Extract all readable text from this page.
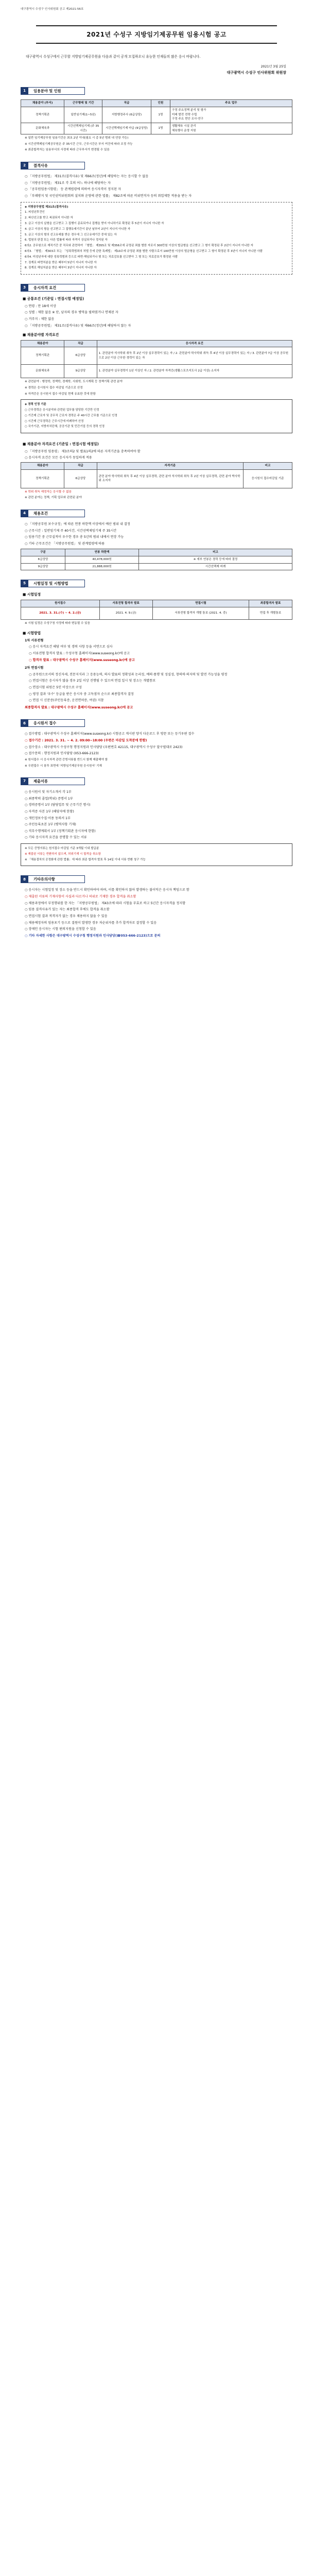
대구광역시 수성구 인사위원회 공고 제2021-56호
2021년 수성구 지방임기제공무원 임용시험 공고
대구광역시 수성구에서 근무할 지방임기제공무원을 다음과 같이 공개 모집하오니 유능한 인재들의 많은 응시 바랍니다.
2021년 3월 25일
대구광역시 수성구 인사위원회 위원장
1	임용분야 및 인원
채용분야 (부서)	근무형태 및 기간	직급	인원	주요 업무
정책기획관	일반임기제(1~5년)	지방행정주사 (6급상당)	1명	구정 주요정책 분석 및 평가
미래 발전 전략 수립
구정 주요 현안 조사·연구

문화체육과	시간선택제임기제 (주 35시간)	시간선택제임기제 마급 (9급상당)	1명	생활체육 시설 관리
체육행사 운영 지원
※ 일반 임기제공무원 임용기간은 최초 2년 이내(필요 시 총 5년 범위 내 연장 가능)
※ 시간선택제임기제공무원은 주 35시간 근무, 근무시간은 부서 여건에 따라 조정 가능
※ 최종합격자는 임용부서의 사정에 따라 근무부서가 변경될 수 있음
2	결격사유
○ 「지방공무원법」 제31조(결격사유) 및 제66조(정년)에 해당하는 자는 응시할 수 없음
○ 「지방공무원법」 제31조 각 호의 어느 하나에 해당하는 자
○ 「공무원임용시험령」 등 관계법령에 의하여 응시자격이 정지된 자
○ 「부패방지 및 국민권익위원회의 설치와 운영에 관한 법률」 제82조에 따른 비위면직자 등의 취업제한 적용을 받는 자
◈ 지방공무원법 제31조(결격사유)
1. 피성년후견인
2. 파산선고를 받고 복권되지 아니한 자
3. 금고 이상의 실형을 선고받고 그 집행이 종료되거나 집행을 받지 아니하기로 확정된 후 5년이 지나지 아니한 자
4. 금고 이상의 형을 선고받고 그 집행유예기간이 끝난 날부터 2년이 지나지 아니한 자
5. 금고 이상의 형의 선고유예를 받은 경우에 그 선고유예기간 중에 있는 자
6. 법원의 판결 또는 다른 법률에 따라 자격이 상실되거나 정지된 자
6의2. 공무원으로 재직기간 중 직무와 관련하여 「형법」 제355조 및 제356조에 규정된 죄를 범한 자로서 300만원 이상의 벌금형을 선고받고 그 형이 확정된 후 2년이 지나지 아니한 자
6의3. 「형법」 제303조 또는 「성폭력범죄의 처벌 등에 관한 특례법」 제10조에 규정된 죄를 범한 사람으로서 100만원 이상의 벌금형을 선고받고 그 형이 확정된 후 3년이 지나지 아니한 사람
6의4. 미성년자에 대한 성폭력범죄 등으로 파면·해임되거나 형 또는 치료감호를 선고받아 그 형 또는 치료감호가 확정된 사람
7. 징계로 파면처분을 받은 때부터 5년이 지나지 아니한 자
8. 징계로 해임처분을 받은 때부터 3년이 지나지 아니한 자
3	응시자격 요건
■ 공통조건 (기준일 : 면접시험 예정일)
○ 연령 : 만 18세 이상
○ 성별 : 제한 없음 ※ 단, 남자의 경우 병역을 필하였거나 면제된 자
○ 거주지 : 제한 없음
○ 「지방공무원법」 제31조(결격사유) 및 제66조(정년)에 해당하지 않는 자
■ 채용분야별 자격요건
채용분야	직급	응시자격 요건
정책기획관	6급상당	1. 관련분야 석사학위 취득 후 2년 이상 실무경력이 있는 자 / 2. 관련분야 학사학위 취득 후 4년 이상 실무경력이 있는 자 / 3. 관련분야 7급 이상 공무원으로 2년 이상 근무한 경력이 있는 자
문화체육과	9급상당	1. 관련분야 실무경력이 1년 이상인 자 / 2. 관련분야 자격증(생활스포츠지도사 2급 이상) 소지자
※ 관련분야 : 행정학, 정책학, 경제학, 사회학, 도시계획 등 정책기획 관련 분야
※ 경력은 응시원서 접수 마감일 기준으로 산정
※ 자격증은 응시원서 접수 마감일 현재 유효한 것에 한함
◈ 경력 인정 기준
○ 근무경력은 응시분야와 관련된 업무를 담당한 기간만 인정
○ 기간제 근로자 및 공무직 근로자 경력은 주 40시간 근무를 기준으로 인정
○ 시간제 근무경력은 근무시간에 비례하여 산정
○ 국가기관, 지방자치단체, 공공기관 및 민간기업 등의 경력 인정
■ 채용분야 자격요건 (기준일 : 면접시험 예정일)
○ 「지방공무원 임용령」 제3조의2 및 별표1의2에 따른 자격기준을 충족하여야 함
○ 응시자격 요건은 모든 응시자가 동일하게 적용
채용분야	직급	자격기준	비고
정책기획관	6급상당	관련 분야 학사학위 취득 후 4년 이상 실무경력, 관련 분야 석사학위 취득 후 2년 이상 실무경력, 관련 분야 박사학위 소지자	응시원서 접수마감일 기준
※ 학위 취득 예정자는 응시할 수 없음
※ 관련 분야는 정책, 기획 업무와 관련된 분야
4	채용조건
○ 「지방공무원 보수규정」에 따른 연봉 하한액 이상에서 예산 범위 내 결정
○ 근무시간 : 일반임기제 주 40시간, 시간선택제임기제 주 35시간
○ 임용기간 중 근무실적이 우수한 경우 총 5년의 범위 내에서 연장 가능
○ 기타 근무조건은 「지방공무원법」 및 관계법령에 따름
구분	연봉 하한액	비고
6급상당	40,478,000원	※ 세부 연봉은 경력 등에 따라 결정
9급상당	21,888,000원	시간선택제 비례
5	시험일정 및 시험방법
■ 시험일정
원서접수	서류전형 합격자 발표	면접시험	최종합격자 발표
2021. 3. 31.(수) ~ 4. 2.(금)	2021. 4. 9.(금)	서류전형 합격자 개별 통보 (2021. 4. 중)	면접 후 개별통보
※ 시험 일정은 수성구청 사정에 따라 변동될 수 있음
■ 시험방법
1차 서류전형
○ 응시 자격요건 해당 여부 및 경력 사항 등을 서면으로 심사
○ 서류전형 합격자 발표 : 수성구청 홈페이지(www.suseong.kr)에 공고
○ 합격자 발표 : 대구광역시 수성구 홈페이지(www.suseong.kr)에 공고
2차 면접시험
○ 공무원으로서의 정신자세, 전문지식과 그 응용능력, 의사 발표의 정확성과 논리성, 예의·품행 및 성실성, 창의력·의지력 및 발전 가능성을 평정
○ 면접시험은 응시자가 많을 경우 2일 이상 진행될 수 있으며 면접 일시 및 장소는 개별통보
○ 면접시험 위원은 5인 이상으로 구성
○ 평정 결과 '우수' 등급을 받은 응시자 중 고득점자 순으로 최종합격자 결정
○ 면접 시 신분증(주민등록증, 운전면허증, 여권) 지참
최종합격자 발표 : 대구광역시 수성구 홈페이지(www.suseong.kr)에 공고
6	응시원서 접수
○ 접수방법 : 대구광역시 수성구 홈페이지(www.suseong.kr) 시험공고 게시판 양식 다운로드 후 방문 또는 등기우편 접수
○ 접수기간 : 2021. 3. 31. ~ 4. 2. 09:00~18:00 (우편은 마감일 도착분에 한함)
○ 접수장소 : 대구광역시 수성구청 행정지원과 인사담당 (우편번호 42115, 대구광역시 수성구 달구벌대로 2423)
○ 접수문의 : 행정지원과 인사담당 (053-666-2123)
※ 원서접수 시 응시자격 관련 증빙서류를 반드시 함께 제출해야 함
※ 우편접수 시 봉투 표면에 '지방임기제공무원 응시원서' 기재
7	제출서류
○ 응시원서 및 자기소개서 각 1부
○ 최종학력 졸업(학위) 증명서 1부
○ 경력증명서 1부 (담당업무 및 근무기간 명시)
○ 자격증 사본 1부 (해당자에 한함)
○ 개인정보수집·이용 동의서 1부
○ 주민등록초본 1부 (병역사항 기재)
○ 직무수행계획서 1부 (정책기획관 응시자에 한함)
○ 기타 응시자격 요건을 증명할 수 있는 서류
※ 모든 증명서류는 원서접수 마감일 기준 3개월 이내 발급분
※ 제출된 서류는 반환하지 않으며, 허위기재 시 합격을 취소함
※ 「채용절차의 공정화에 관한 법률」에 따라 최종 합격자 발표 후 14일 이내 서류 반환 청구 가능
8	기타유의사항
○ 응시자는 시험일정 및 장소 등을 반드시 확인하여야 하며, 이를 확인하지 않아 발생하는 불이익은 응시자 책임으로 함
○ 제출된 서류의 기재사항이 사실과 다르거나 허위로 기재한 경우 합격을 취소함
○ 채용과정에서 부정행위를 한 자는 「지방공무원법」 제43조에 따라 시험을 무효로 하고 5년간 응시자격을 정지함
○ 임용 결격사유가 있는 자는 최종합격 후에도 합격을 취소함
○ 면접시험 결과 적격자가 없는 경우 채용하지 않을 수 있음
○ 채용예정자의 임용포기 등으로 결원이 발생한 경우 차순위자를 추가 합격자로 결정할 수 있음
○ 장애인 응시자는 시험 편의지원을 신청할 수 있음
○ 기타 자세한 사항은 대구광역시 수성구청 행정지원과 인사담당(☎053-666-2123)으로 문의
